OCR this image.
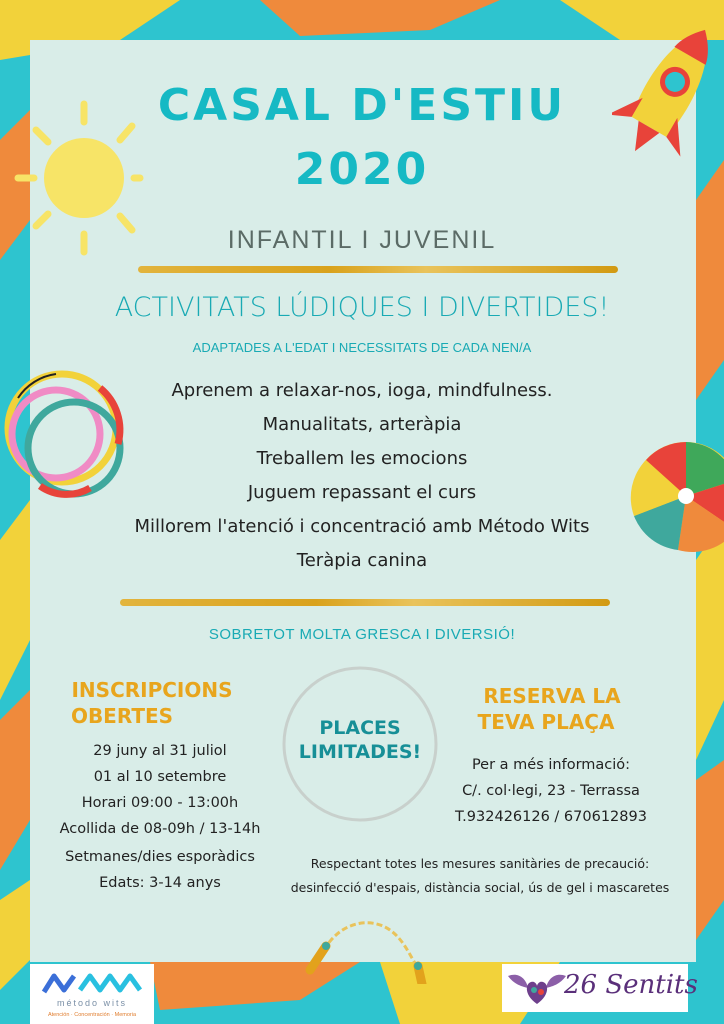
CASAL D'ESTIU
2020
INFANTIL I JUVENIL
ACTIVITATS LÚDIQUES I DIVERTIDES!
ADAPTADES A L'EDAT I NECESSITATS DE CADA NEN/A
Aprenem a relaxar-nos, ioga, mindfulness.
Manualitats, arteràpia
Treballem les emocions
Juguem repassant el curs
Millorem l'atenció i concentració amb Método Wits
Teràpia canina
SOBRETOT MOLTA GRESCA I DIVERSIÓ!
INSCRIPCIONS
OBERTES
29 juny al 31 juliol
01 al 10 setembre
Horari 09:00 - 13:00h
Acollida de 08-09h / 13-14h
Setmanes/dies esporàdics
Edats: 3-14 anys
PLACES
LIMITADES!
RESERVA LA
TEVA PLAÇA
Per a més informació:
C/. col·legi, 23 - Terrassa
T.932426126 / 670612893
Respectant totes les mesures sanitàries de precaució:
desinfecció d'espais, distància social, ús de gel i mascaretes
método wits
Atención · Concentración · Memoria
26 Sentits
